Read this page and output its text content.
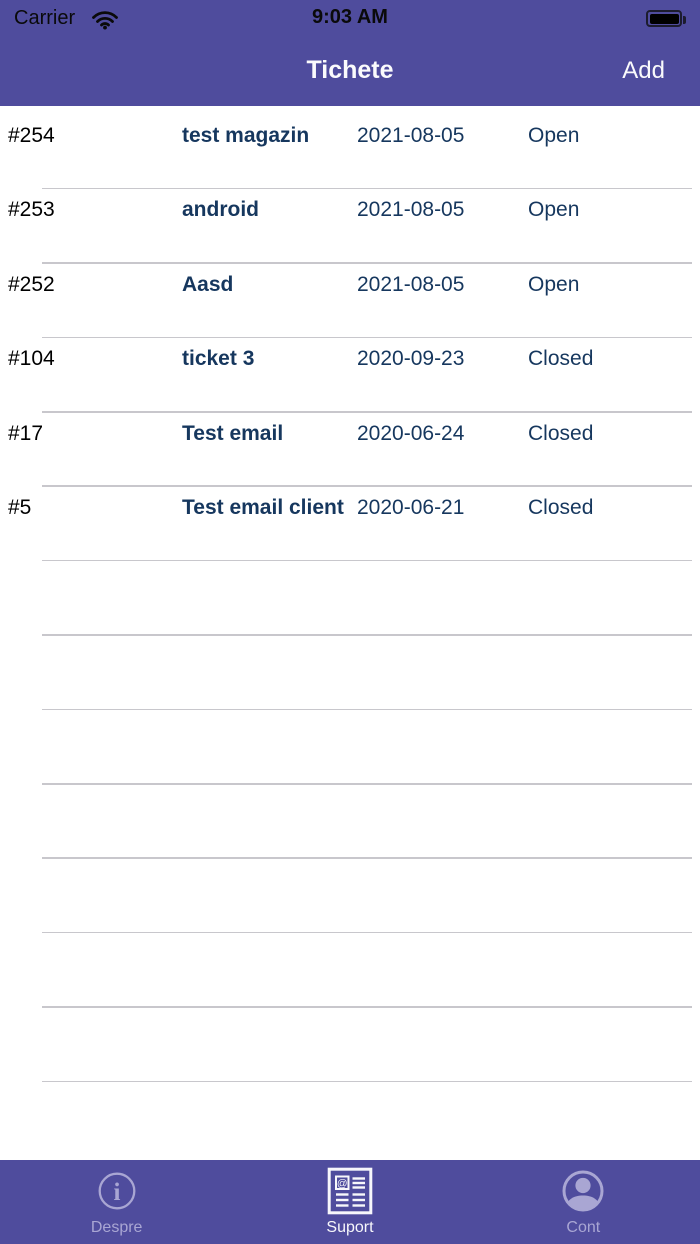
Carrier	9:03 AM
Tichete	Add
#254	test magazin	2021-08-05	Open
#253	android	2021-08-05	Open
#252	Aasd	2021-08-05	Open
#104	ticket 3	2020-09-23	Closed
#17	Test email	2020-06-24	Closed
#5	Test email client 2020-06-21	Closed
i
Despre
@
Suport	Cont
